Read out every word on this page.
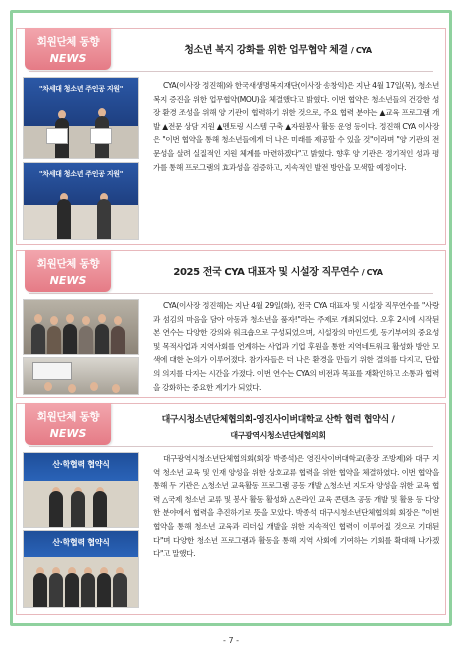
회원단체 동향
NEWS
청소년 복지 강화를 위한 업무협약 체결 / CYA
"차세대 청소년 주인공 지원"
"차세대 청소년 주인공 지원"
CYA(이사장 정진해)와 한국새생명복지재단(이사장 송창익)은 지난 4월 17일(목), 청소년 복지 증진을 위한 업무협약(MOU)을 체결했다고 밝혔다. 이번 협약은 청소년들의 건강한 성장 환경 조성을 위해 양 기관이 협력하기 위한 것으로, 주요 협력 분야는 ▲교육 프로그램 개발 ▲전문 상담 지원 ▲멘토링 시스템 구축 ▲자원봉사 활동 운영 등이다. 정진해 CYA 이사장은 "이번 협약을 통해 청소년들에게 더 나은 미래를 제공할 수 있을 것"이라며 "양 기관의 전문성을 살려 실질적인 지원 체계를 마련하겠다"고 밝혔다. 향후 양 기관은 정기적인 성과 평가를 통해 프로그램의 효과성을 검증하고, 지속적인 발전 방안을 모색할 예정이다.
회원단체 동향
NEWS
2025 전국 CYA 대표자 및 시설장 직무연수 / CYA
CYA(이사장 정진해)는 지난 4월 29일(화), 전국 CYA 대표자 및 시설장 직무연수를 "사랑과 섬김의 마음을 담아 아동과 청소년을 품자!"라는 주제로 개최되었다. 오후 2시에 시작된 본 연수는 다양한 강의와 워크숍으로 구성되었으며, 시설장의 마인드셋, 동기부여의 중요성 및 목적사업과 지역사회를 연계하는 사업과 기업 후원을 통한 지역네트워크 활성화 방안 모색에 대한 논의가 이루어졌다. 참가자들은 더 나은 환경을 만들기 위한 결의를 다지고, 단합의 의지를 다지는 시간을 가졌다. 이번 연수는 CYA의 비전과 목표를 재확인하고 소통과 협력을 강화하는 중요한 계기가 되었다.
회원단체 동향
NEWS
대구시청소년단체협의회-영진사이버대학교 산학 협력 협약식 /
대구광역시청소년단체협의회
산·학협력 협약식
산·학협력 협약식
대구광역시청소년단체협의회(회장 박종석)은 영진사이버대학교(총장 조방제)와 대구 지역 청소년 교육 및 인재 양성을 위한 상호교류 협력을 위한 협약을 체결하였다. 이번 협약을 통해 두 기관은 △청소년 교육활동 프로그램 공동 개발 △청소년 지도자 양성을 위한 교육 협력 △국제 청소년 교류 및 봉사 활동 활성화 △온라인 교육 콘텐츠 공동 개발 및 활용 등 다양한 분야에서 협력을 추진하기로 뜻을 모았다. 박종석 대구시청소년단체협의회 회장은 "이번 협약을 통해 청소년 교육과 리더십 개발을 위한 지속적인 협력이 이루어질 것으로 기대된다"며 다양한 청소년 프로그램과 활동을 통해 지역 사회에 기여하는 기회를 확대해 나가겠다"고 말했다.
- 7 -
